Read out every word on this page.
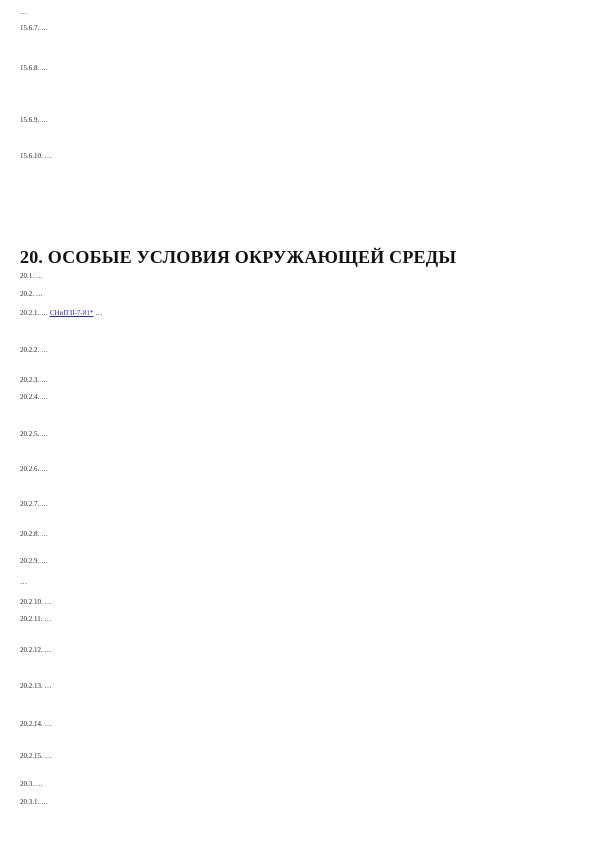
…
15.6.7. …
15.6.8. …
15.6.9. …
15.6.10. …
20. ОСОБЫЕ УСЛОВИЯ ОКРУЖАЮЩЕЙ СРЕДЫ
20.1. …
20.2. …
20.2.1. … СНиП II-7-81* …
20.2.2. …
20.2.3. …
20.2.4. …
20.2.5. …
20.2.6. …
20.2.7. …
20.2.8. …
20.2.9. …
…
20.2.10. …
20.2.11. …
20.2.12. …
20.2.13. …
20.2.14. …
20.2.15. …
20.3. …
20.3.1. …
